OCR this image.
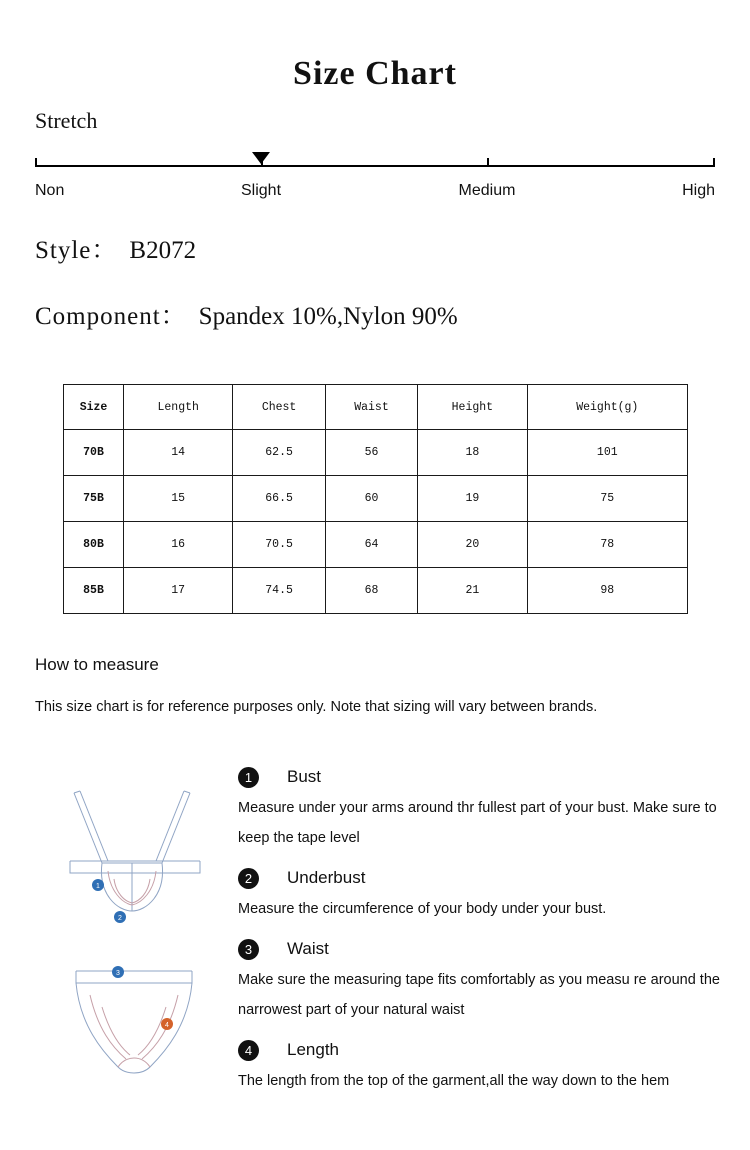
Size Chart
Stretch
Non	Slight	Medium	High
Style： B2072
Component： Spandex 10%,Nylon 90%
Size	Length	Chest	Waist	Height	Weight(g)
70B	14	62.5	56	18	101
75B	15	66.5	60	19	75
80B	16	70.5	64	20	78
85B	17	74.5	68	21	98
How to measure
This size chart is for reference purposes only. Note that sizing will vary between brands.
1
2
3
4
1	Bust
Measure under your arms around thr fullest part of your bust. Make sure to keep the tape level
2	Underbust
Measure the circumference of your body under your bust.
3	Waist
Make sure the measuring tape fits comfortably as you measu re around the narrowest part of your natural waist
4	Length
The length from the top of the garment,all the way down to the hem
